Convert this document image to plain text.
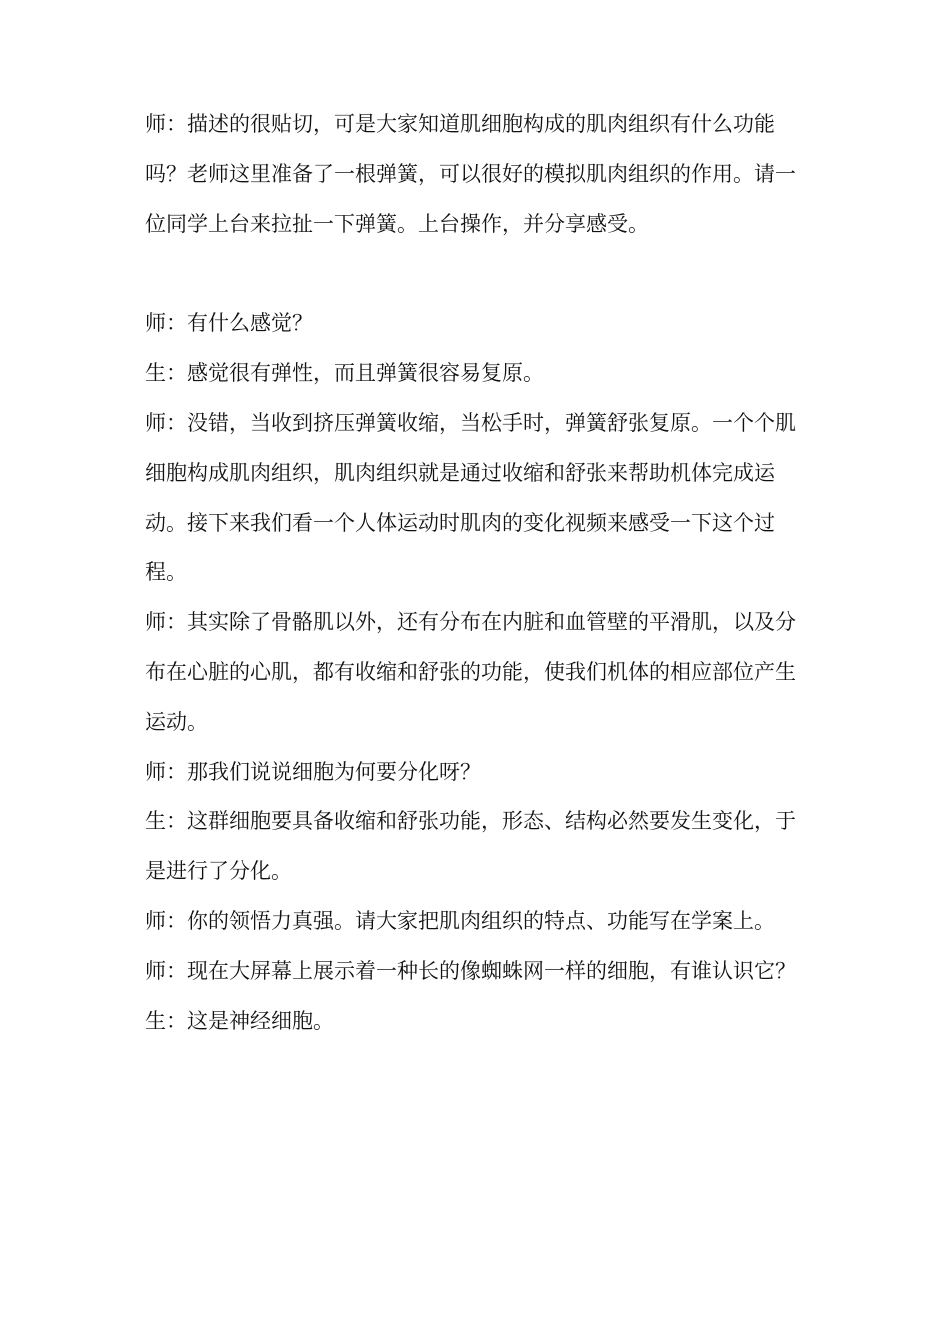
师：描述的很贴切，可是大家知道肌细胞构成的肌肉组织有什么功能吗？老师这里准备了一根弹簧，可以很好的模拟肌肉组织的作用。请一位同学上台来拉扯一下弹簧。上台操作，并分享感受。

师：有什么感觉？

生：感觉很有弹性，而且弹簧很容易复原。

师：没错，当收到挤压弹簧收缩，当松手时，弹簧舒张复原。一个个肌细胞构成肌肉组织，肌肉组织就是通过收缩和舒张来帮助机体完成运动。接下来我们看一个人体运动时肌肉的变化视频来感受一下这个过程。

师：其实除了骨骼肌以外，还有分布在内脏和血管壁的平滑肌，以及分布在心脏的心肌，都有收缩和舒张的功能，使我们机体的相应部位产生运动。

师：那我们说说细胞为何要分化呀？

生：这群细胞要具备收缩和舒张功能，形态、结构必然要发生变化，于是进行了分化。

师：你的领悟力真强。请大家把肌肉组织的特点、功能写在学案上。

师：现在大屏幕上展示着一种长的像蜘蛛网一样的细胞，有谁认识它？

生：这是神经细胞。
